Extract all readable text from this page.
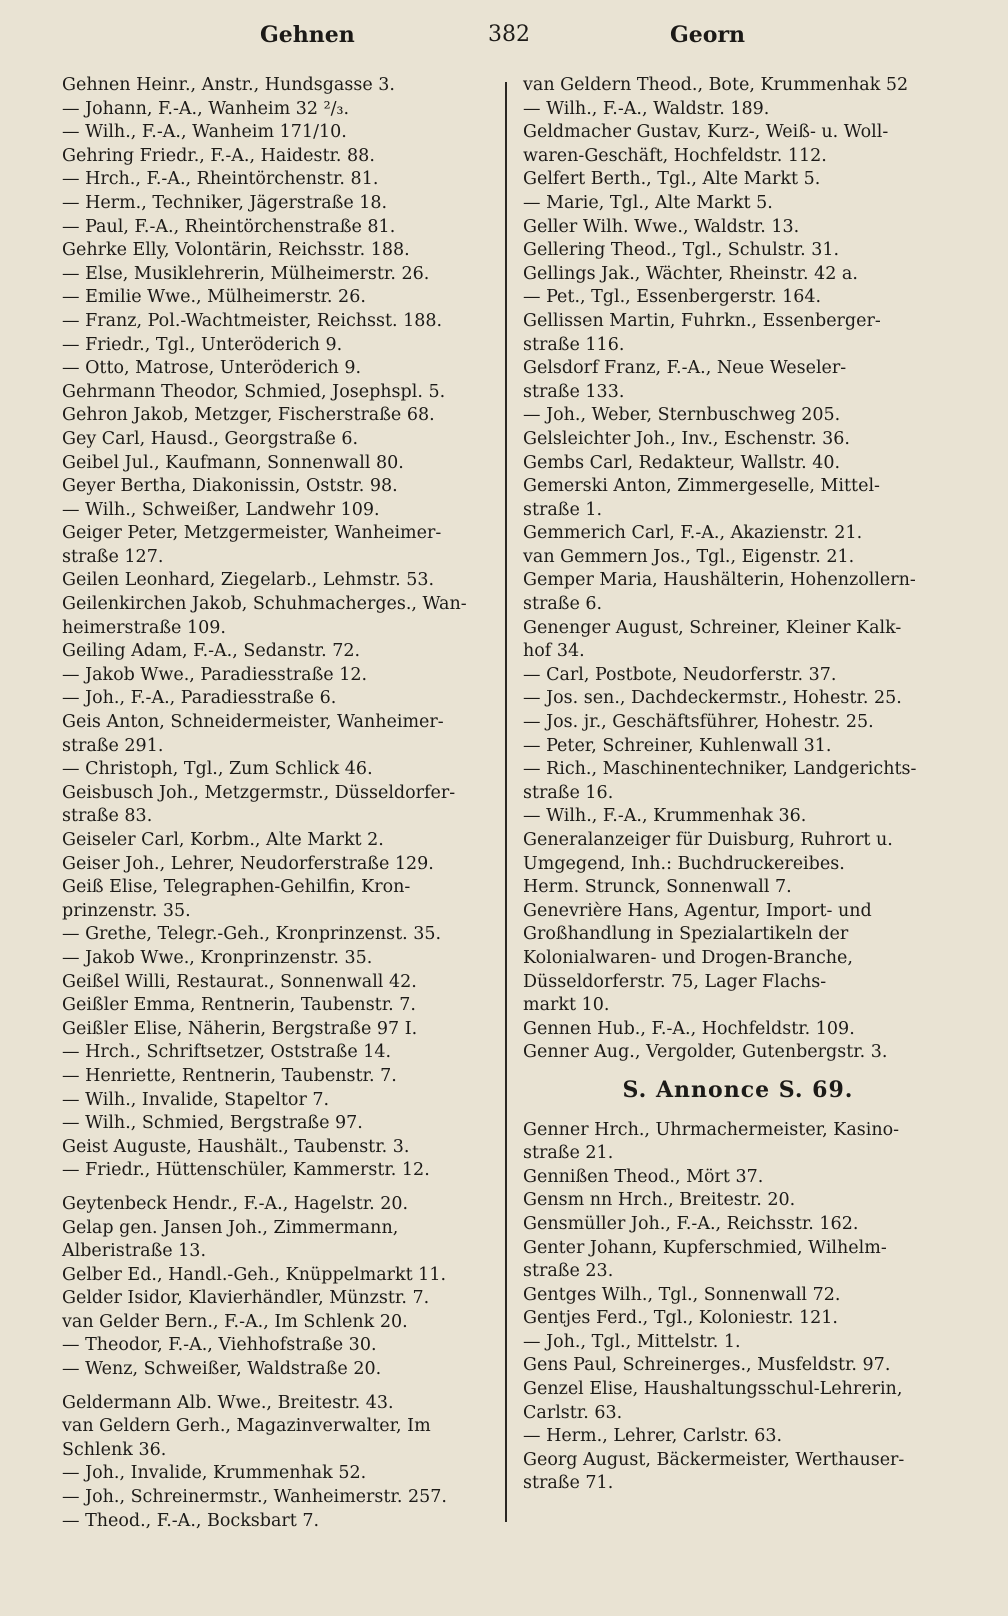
Gehnen	382	Georn
Gehnen Heinr., Anstr., Hundsgasse 3.
— Johann, F.-A., Wanheim 32 ²/₃.
— Wilh., F.-A., Wanheim 171/10.
Gehring Friedr., F.-A., Haidestr. 88.
— Hrch., F.-A., Rheintörchenstr. 81.
— Herm., Techniker, Jägerstraße 18.
— Paul, F.-A., Rheintörchenstraße 81.
Gehrke Elly, Volontärin, Reichsstr. 188.
— Else, Musiklehrerin, Mülheimerstr. 26.
— Emilie Wwe., Mülheimerstr. 26.
— Franz, Pol.-Wachtmeister, Reichsst. 188.
— Friedr., Tgl., Unteröderich 9.
— Otto, Matrose, Unteröderich 9.
Gehrmann Theodor, Schmied, Josephspl. 5.
Gehron Jakob, Metzger, Fischerstraße 68.
Gey Carl, Hausd., Georgstraße 6.
Geibel Jul., Kaufmann, Sonnenwall 80.
Geyer Bertha, Diakonissin, Oststr. 98.
— Wilh., Schweißer, Landwehr 109.
Geiger Peter, Metzgermeister, Wanheimer-
straße 127.
Geilen Leonhard, Ziegelarb., Lehmstr. 53.
Geilenkirchen Jakob, Schuhmacherges., Wan-
heimerstraße 109.
Geiling Adam, F.-A., Sedanstr. 72.
— Jakob Wwe., Paradiesstraße 12.
— Joh., F.-A., Paradiesstraße 6.
Geis Anton, Schneidermeister, Wanheimer-
straße 291.
— Christoph, Tgl., Zum Schlick 46.
Geisbusch Joh., Metzgermstr., Düsseldorfer-
straße 83.
Geiseler Carl, Korbm., Alte Markt 2.
Geiser Joh., Lehrer, Neudorferstraße 129.
Geiß Elise, Telegraphen-Gehilfin, Kron-
prinzenstr. 35.
— Grethe, Telegr.-Geh., Kronprinzenst. 35.
— Jakob Wwe., Kronprinzenstr. 35.
Geißel Willi, Restaurat., Sonnenwall 42.
Geißler Emma, Rentnerin, Taubenstr. 7.
Geißler Elise, Näherin, Bergstraße 97 I.
— Hrch., Schriftsetzer, Oststraße 14.
— Henriette, Rentnerin, Taubenstr. 7.
— Wilh., Invalide, Stapeltor 7.
— Wilh., Schmied, Bergstraße 97.
Geist Auguste, Haushält., Taubenstr. 3.
— Friedr., Hüttenschüler, Kammerstr. 12.
Geytenbeck Hendr., F.-A., Hagelstr. 20.
Gelap gen. Jansen Joh., Zimmermann,
Alberistraße 13.
Gelber Ed., Handl.-Geh., Knüppelmarkt 11.
Gelder Isidor, Klavierhändler, Münzstr. 7.
van Gelder Bern., F.-A., Im Schlenk 20.
— Theodor, F.-A., Viehhofstraße 30.
— Wenz, Schweißer, Waldstraße 20.
Geldermann Alb. Wwe., Breitestr. 43.
van Geldern Gerh., Magazinverwalter, Im
Schlenk 36.
— Joh., Invalide, Krummenhak 52.
— Joh., Schreinermstr., Wanheimerstr. 257.
— Theod., F.-A., Bocksbart 7.
van Geldern Theod., Bote, Krummenhak 52
— Wilh., F.-A., Waldstr. 189.
Geldmacher Gustav, Kurz-, Weiß- u. Woll-
waren-Geschäft, Hochfeldstr. 112.
Gelfert Berth., Tgl., Alte Markt 5.
— Marie, Tgl., Alte Markt 5.
Geller Wilh. Wwe., Waldstr. 13.
Gellering Theod., Tgl., Schulstr. 31.
Gellings Jak., Wächter, Rheinstr. 42 a.
— Pet., Tgl., Essenbergerstr. 164.
Gellissen Martin, Fuhrkn., Essenberger-
straße 116.
Gelsdorf Franz, F.-A., Neue Weseler-
straße 133.
— Joh., Weber, Sternbuschweg 205.
Gelsleichter Joh., Inv., Eschenstr. 36.
Gembs Carl, Redakteur, Wallstr. 40.
Gemerski Anton, Zimmergeselle, Mittel-
straße 1.
Gemmerich Carl, F.-A., Akazienstr. 21.
van Gemmern Jos., Tgl., Eigenstr. 21.
Gemper Maria, Haushälterin, Hohenzollern-
straße 6.
Genenger August, Schreiner, Kleiner Kalk-
hof 34.
— Carl, Postbote, Neudorferstr. 37.
— Jos. sen., Dachdeckermstr., Hohestr. 25.
— Jos. jr., Geschäftsführer, Hohestr. 25.
— Peter, Schreiner, Kuhlenwall 31.
— Rich., Maschinentechniker, Landgerichts-
straße 16.
— Wilh., F.-A., Krummenhak 36.
Generalanzeiger für Duisburg, Ruhrort u.
Umgegend, Inh.: Buchdruckereibes.
Herm. Strunck, Sonnenwall 7.
Genevrière Hans, Agentur, Import- und
Großhandlung in Spezialartikeln der
Kolonialwaren- und Drogen-Branche,
Düsseldorferstr. 75, Lager Flachs-
markt 10.
Gennen Hub., F.-A., Hochfeldstr. 109.
Genner Aug., Vergolder, Gutenbergstr. 3.
S. Annonce S. 69.
Genner Hrch., Uhrmachermeister, Kasino-
straße 21.
Gennißen Theod., Mört 37.
Gensm nn Hrch., Breitestr. 20.
Gensmüller Joh., F.-A., Reichsstr. 162.
Genter Johann, Kupferschmied, Wilhelm-
straße 23.
Gentges Wilh., Tgl., Sonnenwall 72.
Gentjes Ferd., Tgl., Koloniestr. 121.
— Joh., Tgl., Mittelstr. 1.
Gens Paul, Schreinerges., Musfeldstr. 97.
Genzel Elise, Haushaltungsschul-Lehrerin,
Carlstr. 63.
— Herm., Lehrer, Carlstr. 63.
Georg August, Bäckermeister, Werthauser-
straße 71.
